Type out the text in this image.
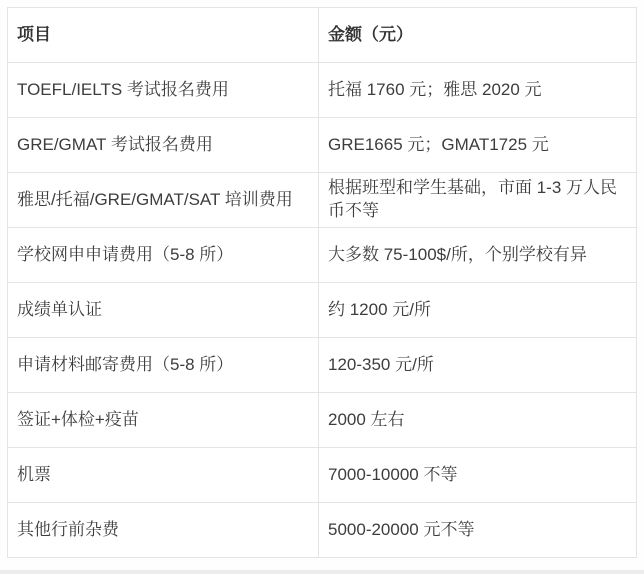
项目	金额（元）
TOEFL/IELTS 考试报名费用	托福 1760 元；雅思 2020 元
GRE/GMAT 考试报名费用	GRE1665 元；GMAT1725 元
雅思/托福/GRE/GMAT/SAT 培训费用	根据班型和学生基础，市面 1-3 万人民币不等
学校网申申请费用（5-8 所）	大多数 75-100$/所，个别学校有异
成绩单认证	约 1200 元/所
申请材料邮寄费用（5-8 所）	120-350 元/所
签证+体检+疫苗	2000 左右
机票	7000-10000 不等
其他行前杂费	5000-20000 元不等
